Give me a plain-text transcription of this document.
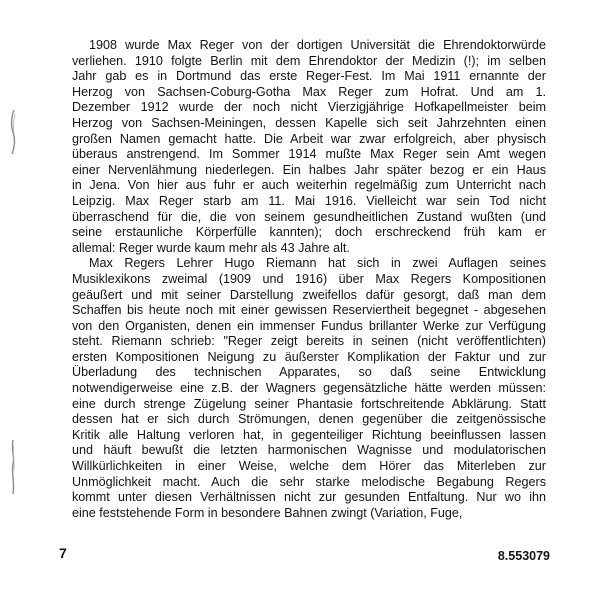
1908 wurde Max Reger von der dortigen Universität die Ehrendoktorwürde
verliehen. 1910 folgte Berlin mit dem Ehrendoktor der Medizin (!); im selben
Jahr gab es in Dortmund das erste Reger-Fest. Im Mai 1911 ernannte der
Herzog von Sachsen-Coburg-Gotha Max Reger zum Hofrat. Und am 1.
Dezember 1912 wurde der noch nicht Vierzigjährige Hofkapellmeister beim
Herzog von Sachsen-Meiningen, dessen Kapelle sich seit Jahrzehnten einen
großen Namen gemacht hatte. Die Arbeit war zwar erfolgreich, aber physisch
überaus anstrengend. Im Sommer 1914 mußte Max Reger sein Amt wegen
einer Nervenlähmung niederlegen. Ein halbes Jahr später bezog er ein Haus
in Jena. Von hier aus fuhr er auch weiterhin regelmäßig zum Unterricht nach
Leipzig. Max Reger starb am 11. Mai 1916. Vielleicht war sein Tod nicht
überraschend für die, die von seinem gesundheitlichen Zustand wußten (und
seine erstaunliche Körperfülle kannten); doch erschreckend früh kam er
allemal: Reger wurde kaum mehr als 43 Jahre alt.

Max Regers Lehrer Hugo Riemann hat sich in zwei Auflagen seines
Musiklexikons zweimal (1909 und 1916) über Max Regers Kompositionen
geäußert und mit seiner Darstellung zweifellos dafür gesorgt, daß man dem
Schaffen bis heute noch mit einer gewissen Reserviertheit begegnet - abgesehen
von den Organisten, denen ein immenser Fundus brillanter Werke zur Verfügung
steht. Riemann schrieb: "Reger zeigt bereits in seinen (nicht veröffentlichten)
ersten Kompositionen Neigung zu äußerster Komplikation der Faktur und zur
Überladung des technischen Apparates, so daß seine Entwicklung
notwendigerweise eine z.B. der Wagners gegensätzliche hätte werden müssen:
eine durch strenge Zügelung seiner Phantasie fortschreitende Abklärung. Statt
dessen hat er sich durch Strömungen, denen gegenüber die zeitgenössische
Kritik alle Haltung verloren hat, in gegenteiliger Richtung beeinflussen lassen
und häuft bewußt die letzten harmonischen Wagnisse und modulatorischen
Willkürlichkeiten in einer Weise, welche dem Hörer das Miterleben zur
Unmöglichkeit macht. Auch die sehr starke melodische Begabung Regers
kommt unter diesen Verhältnissen nicht zur gesunden Entfaltung. Nur wo ihn
eine feststehende Form in besondere Bahnen zwingt (Variation, Fuge,

7	8.553079
